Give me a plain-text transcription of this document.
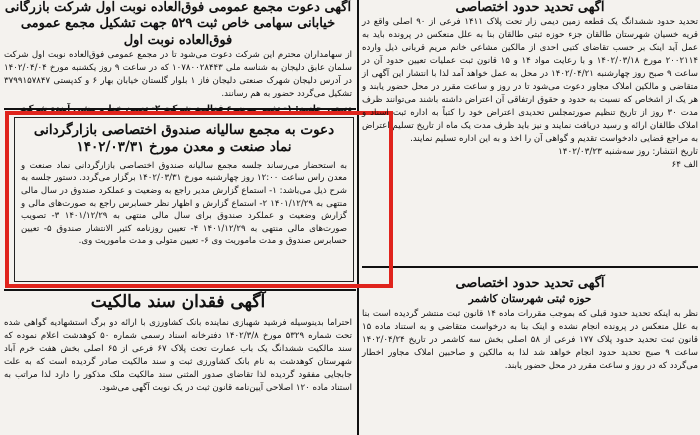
آگهی دعوت مجمع عمومی فوق‌العاده نوبت اول شرکت بازرگانی خیابانی سهامی خاص ثبت ۵۲۹ جهت تشکیل مجمع عمومی فوق‌العاده نوبت اول

از سهامداران محترم این شرکت دعوت می‌شود تا در مجمع عمومی فوق‌العاده نوبت اول شرکت سلمان عابق دلیجان به شناسه ملی ۱۰۷۸۰۰۲۸۴۴۳ که در ساعت ۹ روز یکشنبه مورخ ۱۴۰۲/۰۴/۰۴ در آدرس دلیجان شهرک صنعتی دلیجان فاز ۱ بلوار گلستان خیابان بهار ۶ و کدپستی ۳۷۹۹۱۵۷۸۴۷ تشکیل می‌گردد حضور به هم رسانند.

دستور جلسه: ۱- تغییر موضوع فعالیت شرکت ۲- تعیین خط و مشی آینده شرکت

دعوت به مجمع سالیانه صندوق اختصاصی بازارگردانی نماد صنعت و معدن مورخ ۱۴۰۲/۰۳/۳۱

به استحضار می‌رساند جلسه مجمع سالیانه صندوق اختصاصی بازارگردانی نماد صنعت و معدن راس ساعت ۱۲:۰۰ روز چهارشنبه مورخ ۱۴۰۲/۰۳/۳۱ برگزار می‌گردد. دستور جلسه به شرح ذیل می‌باشد: ۱- استماع گزارش مدیر راجع به وضعیت و عملکرد صندوق در سال مالی منتهی به ۱۴۰۱/۱۲/۲۹ ۲- استماع گزارش و اظهار نظر حسابرس راجع به صورت‌های مالی و گزارش وضعیت و عملکرد صندوق برای سال مالی منتهی به ۱۴۰۱/۱۲/۲۹ ۳- تصویب صورت‌های مالی منتهی به ۱۴۰۱/۱۲/۲۹ ۴- تعیین روزنامه کثیر الانتشار صندوق ۵- تعیین حسابرس صندوق و مدت ماموریت وی ۶- تعیین متولی و مدت ماموریت وی.

آگهی فقدان سند مالکیت

احتراما بدینوسیله فرشید شهبازی نماینده بانک کشاورزی با ارائه دو برگ استشهادیه گواهی شده تحت شماره ۵۳۲۹ مورخ ۱۴۰۲/۳/۸ دفترخانه اسناد رسمی شماره ۵۰ کوهدشت اعلام نموده که سند مالکیت ششدانگ یک باب عمارت تحت پلاک ۶۷ فرعی از ۶۵ اصلی بخش هفت خرم آباد شهرستان کوهدشت به نام بانک کشاورزی ثبت و سند مالکیت صادر گردیده است که به علت جابجایی مفقود گردیده لذا تقاضای صدور المثنی سند مالکیت ملک مذکور را دارد لذا مراتب به استناد ماده ۱۲۰ اصلاحی آیین‌نامه قانون ثبت در یک نوبت آگهی می‌شود.

آگهی تحدید حدود اختصاصی

تحدید حدود ششدانگ یک قطعه زمین دیمی زار تحت پلاک ۱۴۱۱ فرعی از ۹۰ اصلی واقع در قریه خسیان شهرستان طالقان جزء حوزه ثبتی طالقان بنا به علل منعکس در پرونده باید به عمل آید اینک بر حسب تقاضای کتبی احدی از مالکین مشاعی خانم مریم قربانی ذیل وارده ۲۰۰۲۱۱۴ مورخ ۱۴۰۲/۰۳/۱۸ و با رعایت مواد ۱۴ و ۱۵ قانون ثبت عملیات تعیین حدود آن در ساعت ۹ صبح روز چهارشنبه ۱۴۰۲/۰۴/۲۱ در محل به عمل خواهد آمد لذا با انتشار این آگهی از متقاضی و مالکین املاک مجاور دعوت می‌شود تا در روز و ساعت مقرر در محل حضور یابند و هر یک از اشخاص که نسبت به حدود و حقوق ارتفاقی آن اعتراض داشته باشند می‌توانند ظرف مدت ۳۰ روز از تاریخ تنظیم صورتمجلس تحدیدی اعتراض خود را کتباً به اداره ثبت اسناد و املاک طالقان ارائه و رسید دریافت نمایند و نیز باید ظرف مدت یک ماه از تاریخ تسلیم اعتراض به مراجع قضایی دادخواست تقدیم و گواهی آن را اخذ و به این اداره تسلیم نمایند.

تاریخ انتشار: روز سه‌شنبه ۱۴۰۲/۰۳/۲۳

الف ۶۴

آگهی تحدید حدود اختصاصی

حوزه ثبتی شهرستان کاشمر

نظر به اینکه تحدید حدود قبلی که بموجب مقررات ماده ۱۴ قانون ثبت منتشر گردیده است بنا به علل منعکس در پرونده انجام نشده و اینک بنا به درخواست متقاضی و به استناد ماده ۱۵ قانون ثبت تحدید حدود پلاک ۱۷۷ فرعی از ۵۸ اصلی بخش سه کاشمر در تاریخ ۱۴۰۲/۰۴/۲۴ ساعت ۹ صبح تحدید حدود انجام خواهد شد لذا به مالکین و صاحبین املاک مجاور اخطار می‌گردد که در روز و ساعت مقرر در محل حضور یابند.
